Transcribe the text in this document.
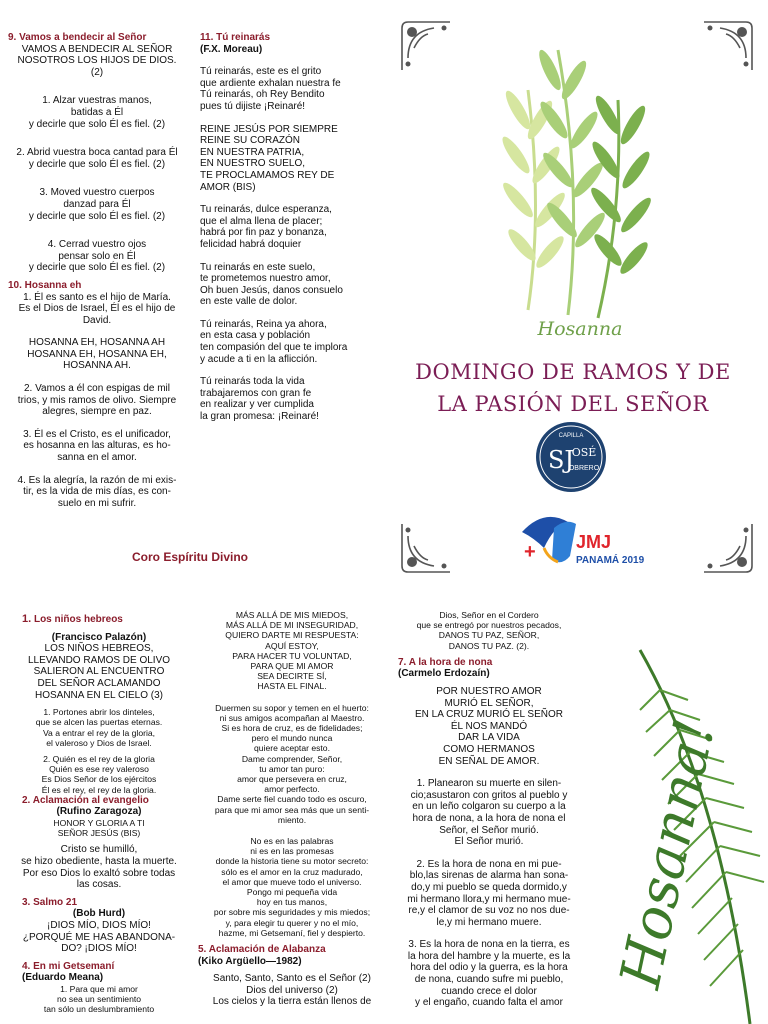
9. Vamos a bendecir al Señor
VAMOS A BENDECIR AL SEÑOR
NOSOTROS LOS HIJOS DE DIOS.
(2)
1. Alzar vuestras manos,
batidas a Él
y decirle que solo Él es fiel. (2)
2. Abrid vuestra boca cantad para Él
y decirle que solo Él es fiel. (2)
3. Moved vuestro cuerpos
danzad para Él
y decirle que solo Él es fiel. (2)
4. Cerrad vuestro ojos
pensar solo en Él
y decirle que solo Él es fiel. (2)
10. Hosanna eh
1. Él es santo es el hijo de María.
Es el Dios de Israel, Él es el hijo de
David.
HOSANNA EH, HOSANNA AH
HOSANNA EH, HOSANNA EH,
HOSANNA AH.
2. Vamos a él con espigas de mil
trios, y mis ramos de olivo. Siempre
alegres, siempre en paz.
3. Él es el Cristo, es el unificador,
es hosanna en las alturas, es ho-
sanna en el amor.
4. Es la alegría, la razón de mi exis-
tir, es la vida de mis días, es con-
suelo en mi sufrir.
11. Tú reinarás
(F.X. Moreau)
Tú reinarás, este es el grito
que ardiente exhalan nuestra fe
Tú reinarás, oh Rey Bendito
pues tú dijiste ¡Reinaré!
REINE JESÚS POR SIEMPRE
REINE SU CORAZÓN
EN NUESTRA PATRIA,
EN NUESTRO SUELO,
TE PROCLAMAMOS REY DE
AMOR (BIS)
Tu reinarás, dulce esperanza,
que el alma llena de placer;
habrá por fin paz y bonanza,
felicidad habrá doquier
Tu reinarás en este suelo,
te prometemos nuestro amor,
Oh buen Jesús, danos consuelo
en este valle de dolor.
Tú reinarás, Reina ya ahora,
en esta casa y población
ten compasión del que te implora
y acude a ti en la aflicción.
Tú reinarás toda la vida
trabajaremos con gran fe
en realizar y ver cumplida
la gran promesa: ¡Reinaré!
Hosanna
DOMINGO DE RAMOS Y DE
LA PASIÓN DEL SEÑOR
CAPILLA
SJ
OSÉ
OBRERO
+ JMJ
PANAMÁ 2019
Coro Espíritu Divino
1. Los niños hebreos
(Francisco Palazón)
LOS NIÑOS HEBREOS,
LLEVANDO RAMOS DE OLIVO
SALIERON AL ENCUENTRO
DEL SEÑOR ACLAMANDO
HOSANNA EN EL CIELO (3)
1. Portones abrir los dinteles,
que se alcen las puertas eternas.
Va a entrar el rey de la gloria,
el valeroso y Dios de Israel.
2. Quién es el rey de la gloria
Quién es ese rey valeroso
Es Dios Señor de los ejércitos
Él es el rey, el rey de la gloria.
2. Aclamación al evangelio
(Rufino Zaragoza)
HONOR Y GLORIA A TI
SEÑOR JESÚS (BIS)
Cristo se humilló,
se hizo obediente, hasta la muerte.
Por eso Dios lo exaltó sobre todas
las cosas.
3. Salmo 21
(Bob Hurd)
¡DIOS MÍO, DIOS MÍO!
¿PORQUÉ ME HAS ABANDONA-
DO? ¡DIOS MÍO!
4. En mi Getsemaní
(Eduardo Meana)
1. Para que mi amor
no sea un sentimiento
tan sólo un deslumbramiento
MÁS ALLÁ DE MIS MIEDOS,
MÁS ALLÁ DE MI INSEGURIDAD,
QUIERO DARTE MI RESPUESTA:
AQUÍ ESTOY,
PARA HACER TU VOLUNTAD,
PARA QUE MI AMOR
SEA DECIRTE SÍ,
HASTA EL FINAL.
Duermen su sopor y temen en el huerto:
ni sus amigos acompañan al Maestro.
Si es hora de cruz, es de fidelidades;
pero el mundo nunca
quiere aceptar esto.
Dame comprender, Señor,
tu amor tan puro:
amor que persevera en cruz,
amor perfecto.
Dame serte fiel cuando todo es oscuro,
para que mi amor sea más que un senti-
miento.
No es en las palabras
ni es en las promesas
donde la historia tiene su motor secreto:
sólo es el amor en la cruz madurado,
el amor que mueve todo el universo.
Pongo mi pequeña vida
hoy en tus manos,
por sobre mis seguridades y mis miedos;
y, para elegir tu querer y no el mío,
hazme, mi Getsemaní, fiel y despierto.
5. Aclamación de Alabanza
(Kiko Argüello—1982)
Santo, Santo, Santo es el Señor (2)
Dios del universo (2)
Los cielos y la tierra están llenos de
Dios, Señor en el Cordero
que se entregó por nuestros pecados,
DANOS TU PAZ, SEÑOR,
DANOS TU PAZ. (2).
7. A la hora de nona
(Carmelo Erdozaín)
POR NUESTRO AMOR
MURIÓ EL SEÑOR,
EN LA CRUZ MURIÓ EL SEÑOR
ÉL NOS MANDÓ
DAR LA VIDA
COMO HERMANOS
EN SEÑAL DE AMOR.
1. Planearon su muerte en silen-
cio;asustaron con gritos al pueblo y
en un leño colgaron su cuerpo a la
hora de nona, a la hora de nona el
Señor, el Señor murió.
El Señor murió.
2. Es la hora de nona en mi pue-
blo,las sirenas de alarma han sona-
do,y mi pueblo se queda dormido,y
mi hermano llora,y mi hermano mue-
re,y el clamor de su voz no nos due-
le,y mi hermano muere.
3. Es la hora de nona en la tierra, es
la hora del hambre y la muerte, es la
hora del odio y la guerra, es la hora
de nona, cuando sufre mi pueblo,
cuando crece el dolor
y el engaño, cuando falta el amor
Hosanna!
